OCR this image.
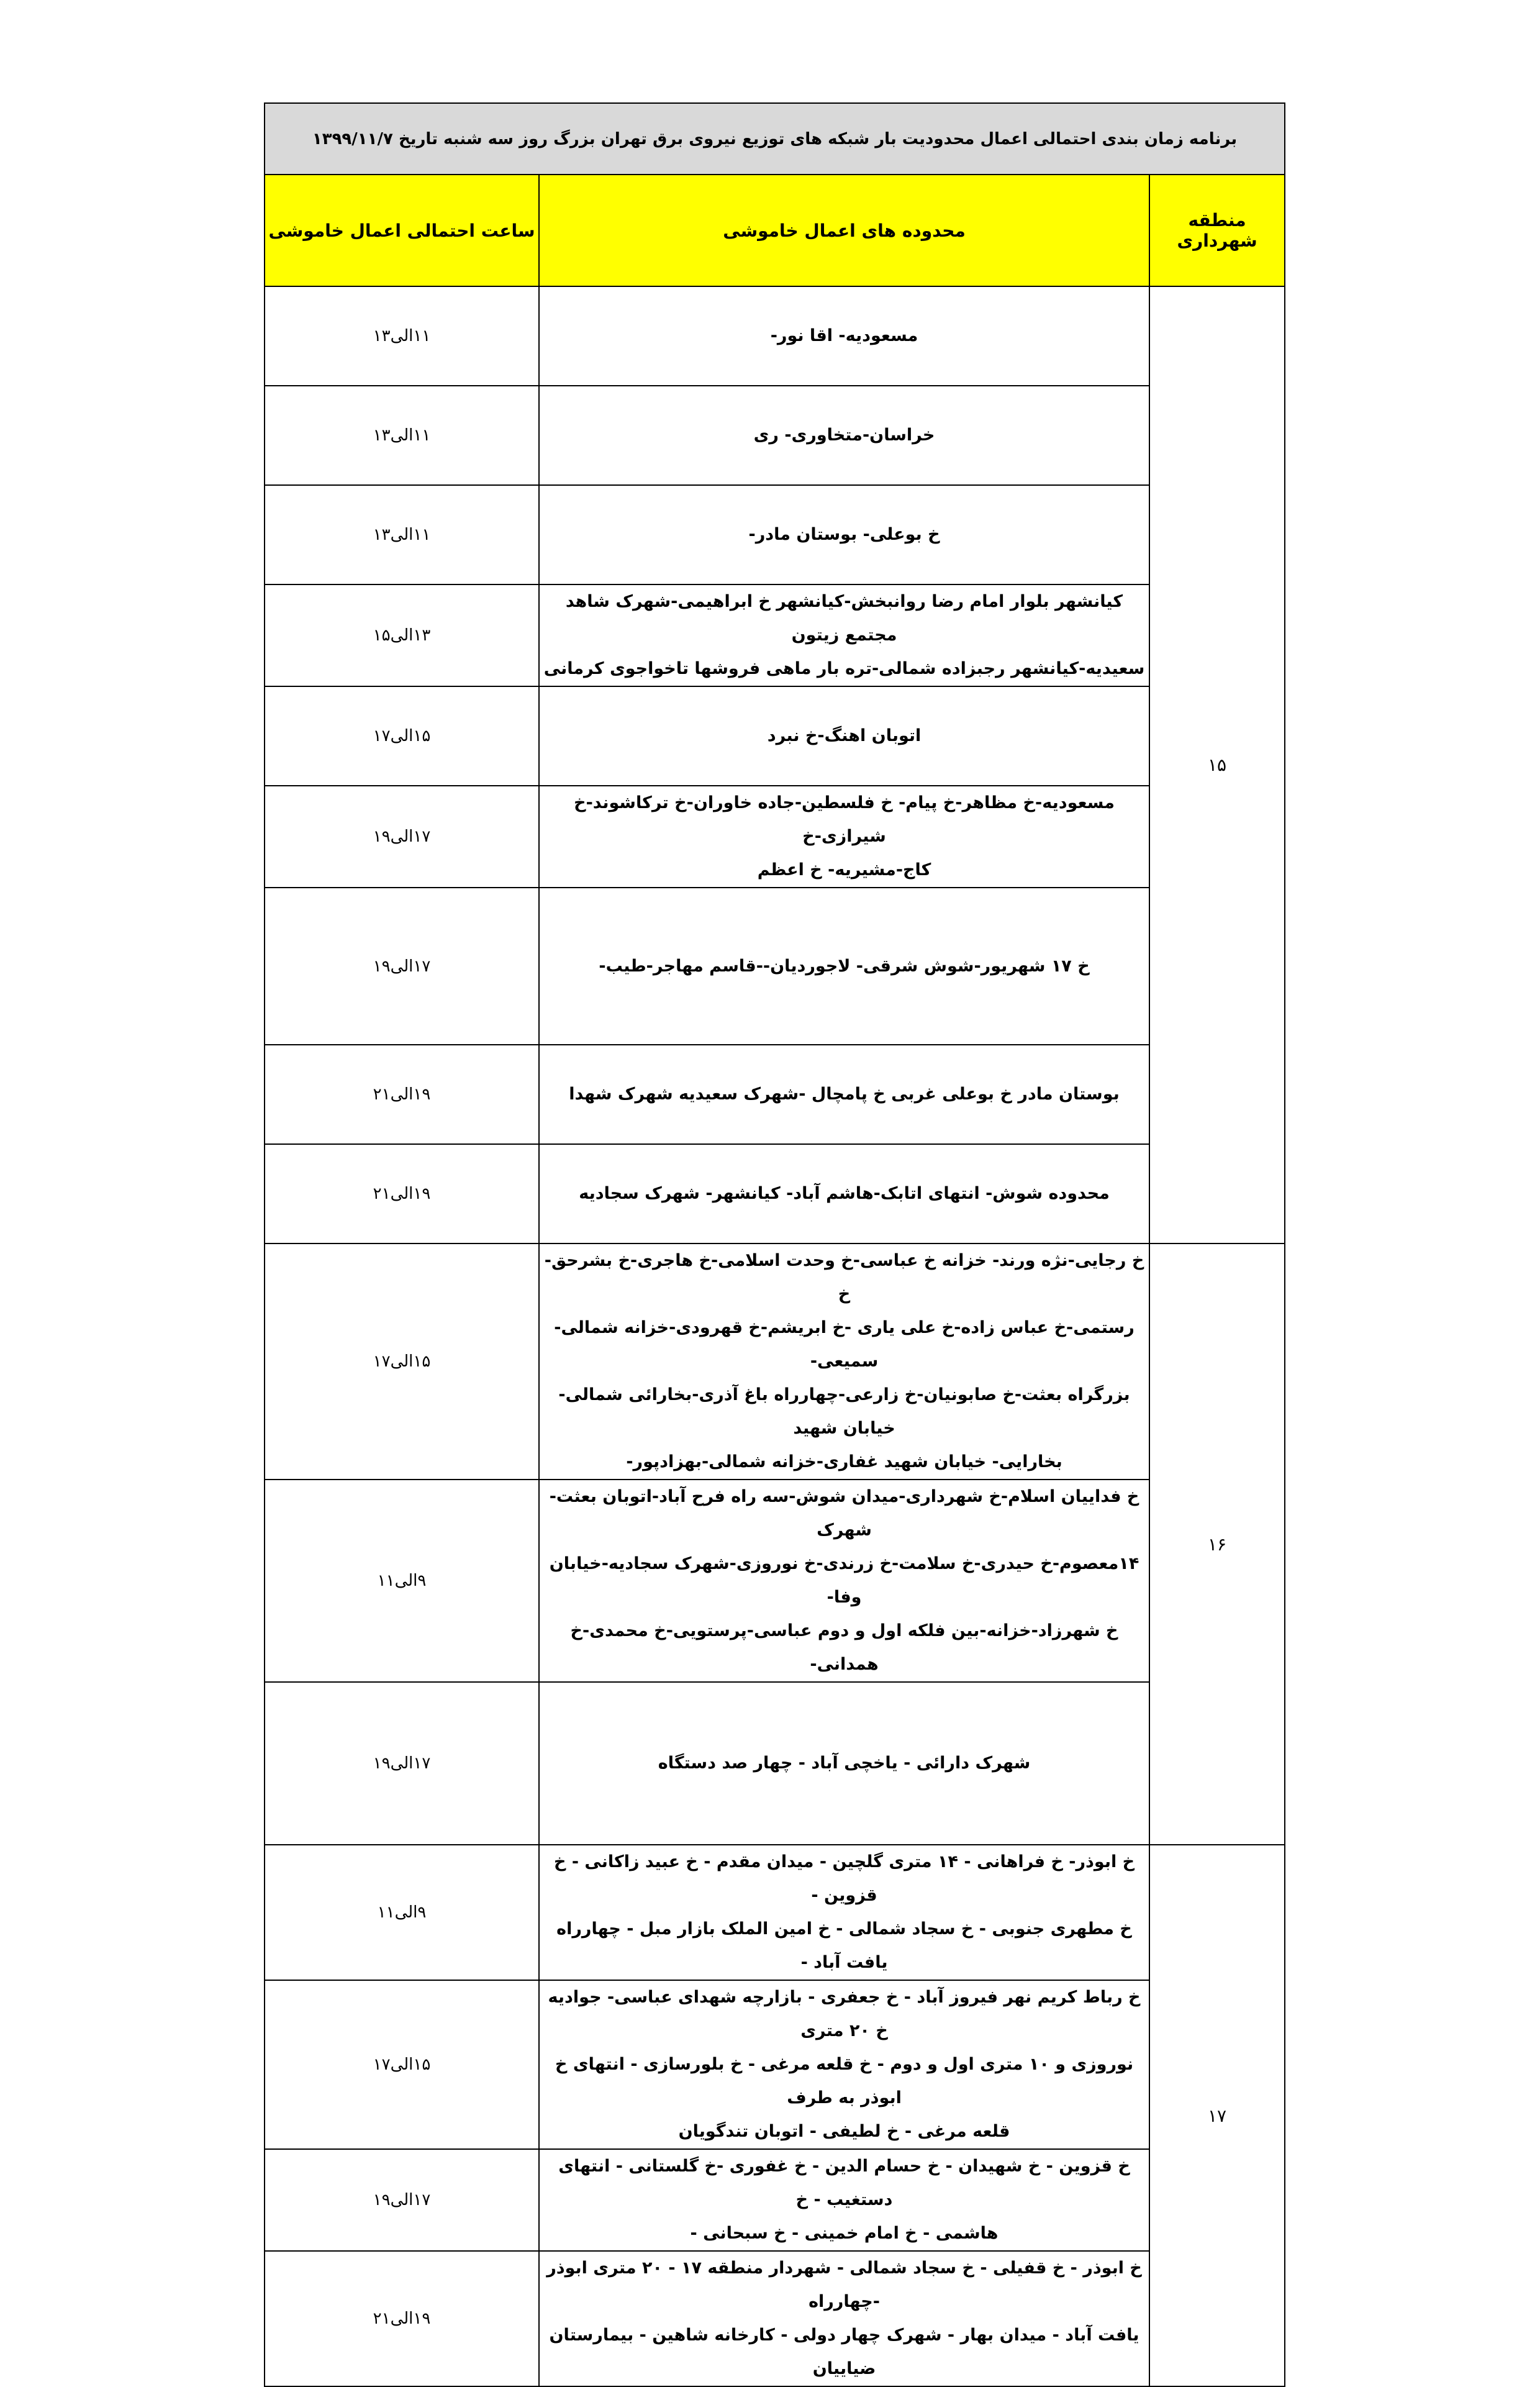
برنامه زمان بندی احتمالی اعمال محدودیت بار شبکه های توزیع نیروی برق تهران بزرگ روز سه شنبه تاریخ ۱۳۹۹/۱۱/۷		
منطقه شهرداری	محدوده های اعمال خاموشی	ساعت احتمالی اعمال خاموشی
۱۵	مسعودیه- اقا نور-	۱۱الی۱۳

	خراسان-متخاوری- ری	۱۱الی۱۳

	خ بوعلی- بوستان مادر-	۱۱الی۱۳

	کیانشهر بلوار امام رضا روانبخش-کیانشهر خ ابراهیمی-شهرک شاهد مجتمع زیتون
سعیدیه-کیانشهر رجبزاده شمالی-تره بار ماهی فروشها تاخواجوی کرمانی	۱۳الی۱۵

	اتوبان اهنگ-خ نبرد	۱۵الی۱۷

	مسعودیه-خ مظاهر-خ پیام- خ فلسطین-جاده خاوران-خ ترکاشوند-خ شیرازی-خ
کاج-مشیریه- خ اعظم	۱۷الی۱۹

	خ ۱۷ شهریور-شوش شرقی- لاجوردیان--قاسم مهاجر-طیب-	۱۷الی۱۹

	بوستان مادر خ بوعلی غربی خ پامچال -شهرک سعیدیه شهرک شهدا	۱۹الی۲۱

	محدوده شوش- انتهای اتابک-هاشم آباد- کیانشهر- شهرک سجادیه	۱۹الی۲۱
۱۶	خ رجایی-نژه ورند- خزانه خ عباسی-خ وحدت اسلامی-خ هاجری-خ بشرحق-خ
رستمی-خ عباس زاده-خ علی یاری -خ ابریشم-خ قهرودی-خزانه شمالی-سمیعی-
بزرگراه بعثت-خ صابونیان-خ زارعی-چهارراه باغ آذری-بخارائی شمالی-خیابان شهید
بخارایی- خیابان شهید غفاری-خزانه شمالی-بهزادپور-	۱۵الی۱۷

	خ فداییان اسلام-خ شهرداری-میدان شوش-سه راه فرح آباد-اتوبان بعثت-شهرک
۱۴معصوم-خ حیدری-خ سلامت-خ زرندی-خ نوروزی-شهرک سجادیه-خیابان وفا-
خ شهرزاد-خزانه-بین فلکه اول و دوم عباسی-پرستویی-خ محمدی-خ همدانی-	۹الی۱۱

	شهرک دارائی - یاخچی آباد - چهار صد دستگاه	۱۷الی۱۹
۱۷	خ ابوذر- خ فراهانی - ۱۴ متری گلچین - میدان مقدم - خ عبید زاکانی - خ قزوین -
خ مطهری جنوبی - خ سجاد شمالی - خ امین الملک بازار مبل - چهارراه یافت آباد -	۹الی۱۱

	خ رباط کریم نهر فیروز آباد - خ جعفری - بازارچه شهدای عباسی- جوادیه خ ۲۰ متری
نوروزی و ۱۰ متری اول و دوم - خ قلعه مرغی - خ بلورسازی - انتهای خ ابوذر به طرف
قلعه مرغی - خ لطیفی - اتوبان تندگویان	۱۵الی۱۷

	خ قزوین - خ شهیدان - خ حسام الدین - خ غفوری -خ گلستانی - انتهای دستغیب - خ
هاشمی - خ امام خمینی - خ سبحانی -	۱۷الی۱۹

	خ ابوذر - خ قفیلی - خ سجاد شمالی - شهردار منطقه ۱۷ - ۲۰ متری ابوذر -چهارراه
یافت آباد - میدان بهار - شهرک چهار دولی - کارخانه شاهین - بیمارستان ضیاییان	۱۹الی۲۱
